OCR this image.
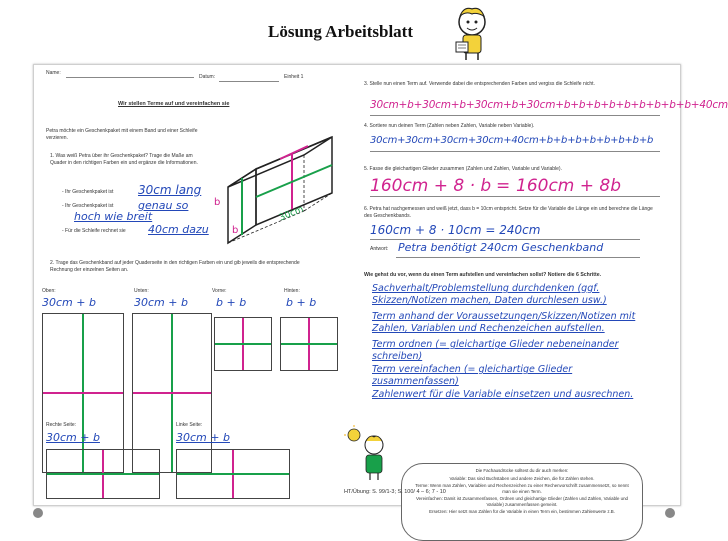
Lösung Arbeitsblatt
Name:
Datum:	Einheit 1
Wir stellen Terme auf und vereinfachen sie
Petra möchte ein Geschenkpaket mit einem Band und einer Schleife verzieren.
1. Was weiß Petra über ihr Geschenkpaket? Trage die Maße am Quader in den richtigen Farben ein und ergänze die Informationen.
- Ihr Geschenkpaket ist 30cm lang
- Ihr Geschenkpaket ist genau so
hoch wie breit
- Für die Schleife rechnet sie 40cm dazu
b
b
30cm
2. Trage das Geschenkband auf jeder Quaderseite in den richtigen Farben ein und gib jeweils die entsprechende Rechnung der einzelnen Seiten an.
Oben:
30cm + b
Unten:
30cm + b
Vorne:
b + b
Hinten:
b + b
Rechte Seite:
30cm + b
Linke Seite:
30cm + b
3. Stelle nun einen Term auf. Verwende dabei die entsprechenden Farben und vergiss die Schleife nicht.
30cm+b+30cm+b+30cm+b+30cm+b+b+b+b+b+b+b+b+b+40cm
4. Sortiere nun deinen Term (Zahlen neben Zahlen, Variable neben Variable).
30cm+30cm+30cm+30cm+40cm+b+b+b+b+b+b+b+b
5. Fasse die gleichartigen Glieder zusammen (Zahlen und Zahlen, Variable und Variable).
160cm + 8 · b = 160cm + 8b
6. Petra hat nachgemessen und weiß jetzt, dass b = 10cm entspricht. Setze für die Variable die Länge ein und berechne die Länge des Geschenkbands.
160cm + 8 · 10cm = 240cm
Antwort: Petra benötigt 240cm Geschenkband
Wie gehst du vor, wenn du einen Term aufstellen und vereinfachen sollst? Notiere die 6 Schritte.
Sachverhalt/Problemstellung durchdenken (ggf. Skizzen/Notizen machen, Daten durchlesen usw.)
Term anhand der Voraussetzungen/Skizzen/Notizen mit Zahlen, Variablen und Rechenzeichen aufstellen.
Term ordnen (= gleichartige Glieder nebeneinander schreiben)
Term vereinfachen (= gleichartige Glieder zusammenfassen)
Zahlenwert für die Variable einsetzen und ausrechnen.
Die Fachausdrücke solltest du dir auch merken:
Variable: Das sind Buchstaben und andere Zeichen, die für Zahlen stehen.
Terme: Wenn man Zahlen, Variablen und Rechenzeichen zu einer Rechenvorschrift zusammensetzt, so nennt man sie einen Term.
Vereinfachen: Damit ist Zusammenfassen, Ordnen und gleichartige Glieder (Zahlen und Zahlen, Variable und Variable) zusammenfassen gemeint.
Ersetzen: Hier setzt man Zahlen für die Variable in einen Term ein, bestimmen Zahlenwerte z.B.
HT/Übung: S. 99/1-3; S. 100/ 4 – 6; 7 - 10
